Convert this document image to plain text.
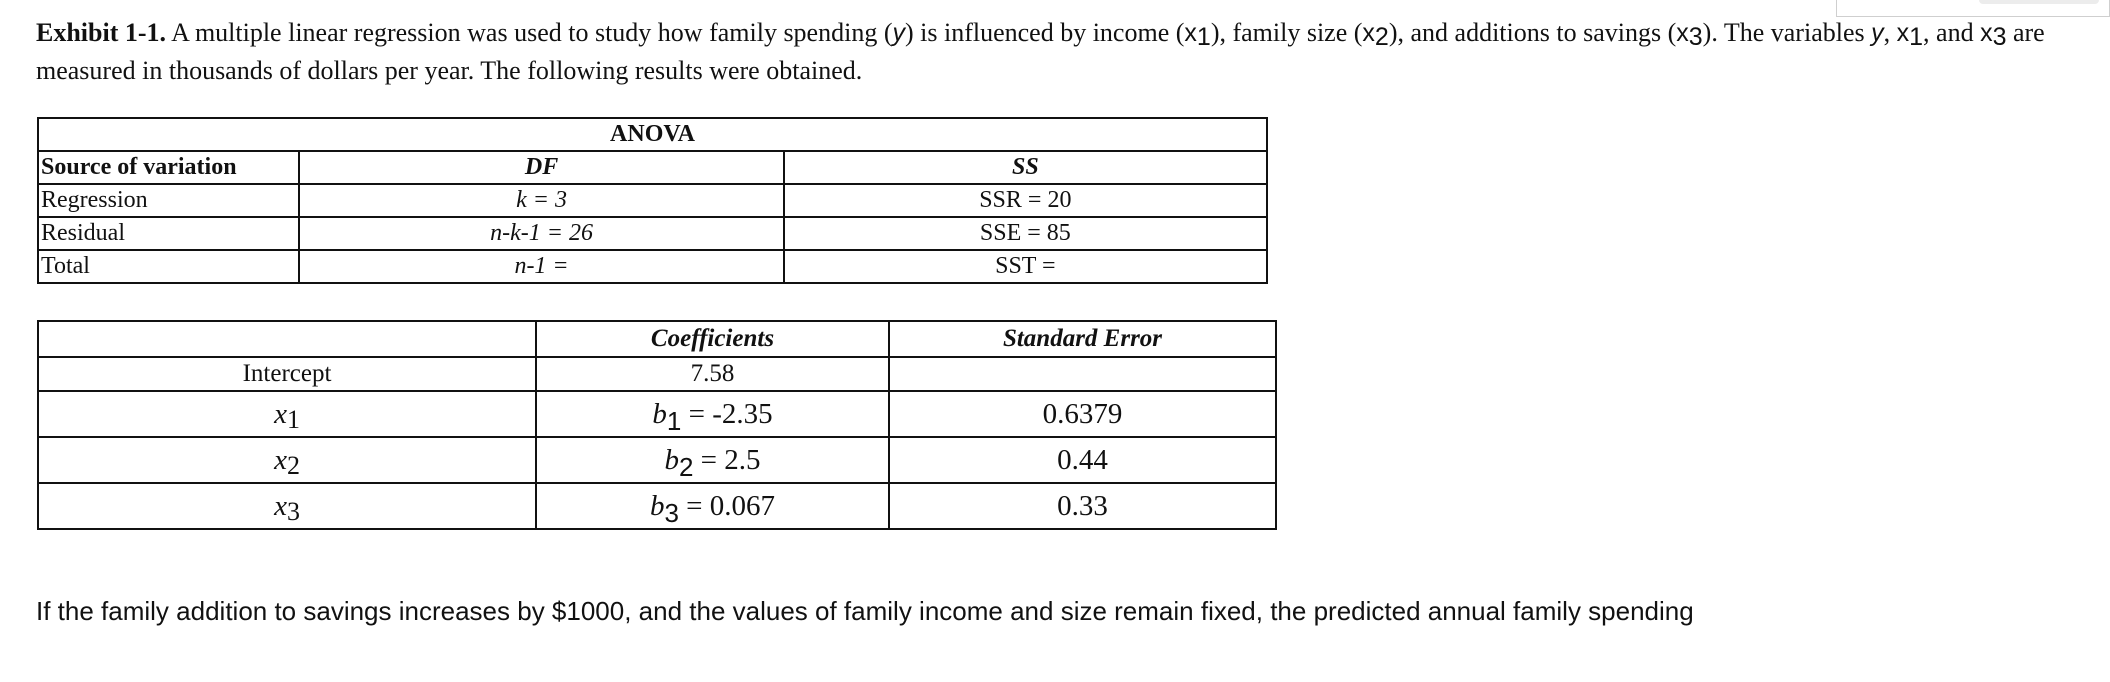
Exhibit 1-1. A multiple linear regression was used to study how family spending (y) is influenced by income $(x_1)$, family size $(x_2)$, and additions to savings $(x_3)$. The variables y, $x_1$, and $x_3$ are measured in thousands of dollars per year. The following results were obtained.

ANOVA		
Source of variation	DF	SS
Regression	k = 3	SSR = 20
Residual	n-k-1 = 26	SSE = 85
Total	n-1 =	SST =
	Coefficients	Standard Error
Intercept	7.58	
x1	b1 = -2.35	0.6379
x2	b2 = 2.5	0.44
x3	b3 = 0.067	0.33
If the family addition to savings increases by $1000, and the values of family income and size remain fixed, the predicted annual family spending
